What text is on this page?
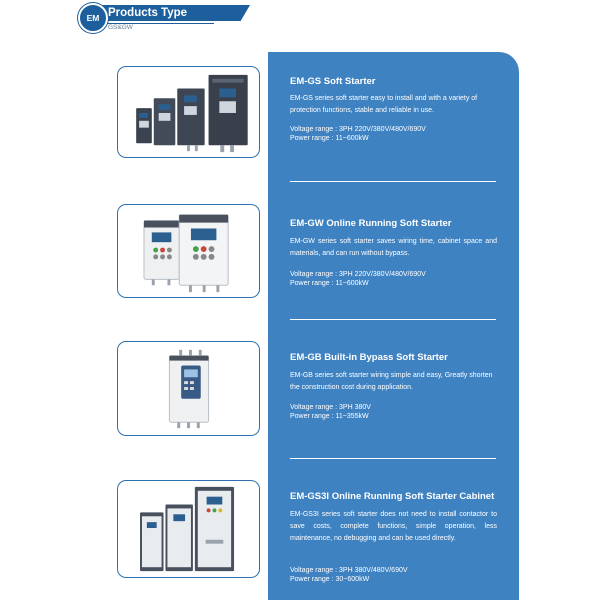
Products Type
GS&GW
EM
EM-GS Soft Starter
EM-GS series soft starter easy to install and with a variety of protection functions, stable and reliable in use.
Voltage range : 3PH 220V/380V/480V/690V
Power range : 11~600kW
EM-GW Online Running Soft Starter
EM-GW series soft starter saves wiring time, cabinet space and materials, and can run without bypass.
Voltage range : 3PH 220V/380V/480V/690V
Power range : 11~600kW
EM-GB Built-in Bypass Soft Starter
EM-GB series soft starter wiring simple and easy, Greatly shorten the construction cost during application.
Voltage range : 3PH 380V
Power range : 11~355kW
EM-GS3I Online Running Soft Starter Cabinet
EM-GS3I series soft starter does not need to install contactor to save costs, complete functions, simple operation, less maintenance, no debugging and can be used directly.
Voltage range : 3PH 380V/480V/690V
Power range : 30~600kW
